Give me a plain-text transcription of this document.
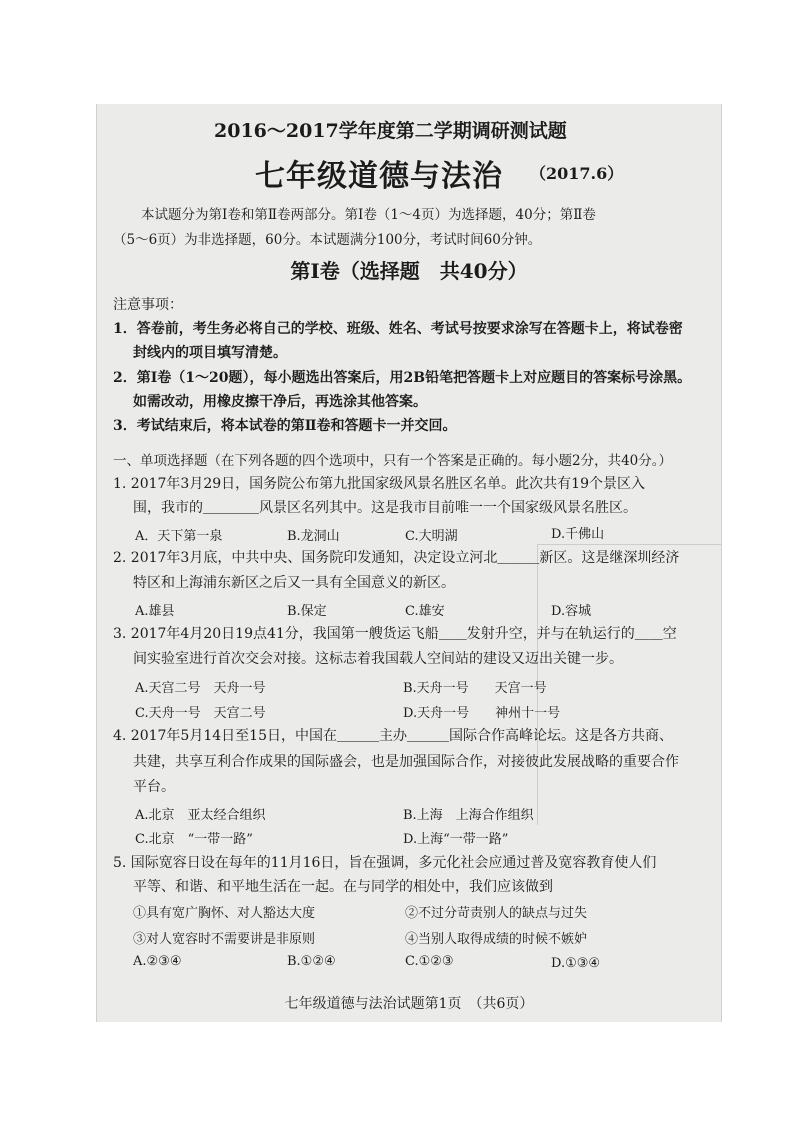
2016～2017学年度第二学期调研测试题
七年级道德与法治 （2017.6）
本试题分为第Ⅰ卷和第Ⅱ卷两部分。第Ⅰ卷（1～4页）为选择题，40分；第Ⅱ卷
（5～6页）为非选择题，60分。本试题满分100分，考试时间60分钟。
第Ⅰ卷（选择题　共40分）
注意事项：
1．答卷前，考生务必将自己的学校、班级、姓名、考试号按要求涂写在答题卡上，将试卷密
封线内的项目填写清楚。
2．第Ⅰ卷（1～20题），每小题选出答案后，用2B铅笔把答题卡上对应题目的答案标号涂黑。
如需改动，用橡皮擦干净后，再选涂其他答案。
3．考试结束后，将本试卷的第Ⅱ卷和答题卡一并交回。
一、单项选择题（在下列各题的四个选项中，只有一个答案是正确的。每小题2分，共40分。）
1. 2017年3月29日，国务院公布第九批国家级风景名胜区名单。此次共有19个景区入
围，我市的＿＿＿＿风景区名列其中。这是我市目前唯一一个国家级风景名胜区。
A．天下第一泉	B.龙洞山	C.大明湖	D.千佛山
2. 2017年3月底，中共中央、国务院印发通知，决定设立河北＿＿＿新区。这是继深圳经济
特区和上海浦东新区之后又一具有全国意义的新区。
A.雄县	B.保定	C.雄安	D.容城
3. 2017年4月20日19点41分，我国第一艘货运飞船＿＿发射升空，并与在轨运行的＿＿空
间实验室进行首次交会对接。这标志着我国载人空间站的建设又迈出关键一步。
A.天宫二号　天舟一号	B.天舟一号　　天宫一号
C.天舟一号　天宫二号	D.天舟一号　　神州十一号
4. 2017年5月14日至15日，中国在＿＿＿主办＿＿＿国际合作高峰论坛。这是各方共商、
共建，共享互利合作成果的国际盛会，也是加强国际合作，对接彼此发展战略的重要合作
平台。
A.北京　亚太经合组织	B.上海　上海合作组织
C.北京　“一带一路”	D.上海“一带一路”
5. 国际宽容日设在每年的11月16日，旨在强调，多元化社会应通过普及宽容教育使人们
平等、和谐、和平地生活在一起。在与同学的相处中，我们应该做到
①具有宽广胸怀、对人豁达大度	②不过分苛责别人的缺点与过失
③对人宽容时不需要讲是非原则	④当别人取得成绩的时候不嫉妒
A.②③④	B.①②④	C.①②③	D.①③④
七年级道德与法治试题第1页　（共6页）
